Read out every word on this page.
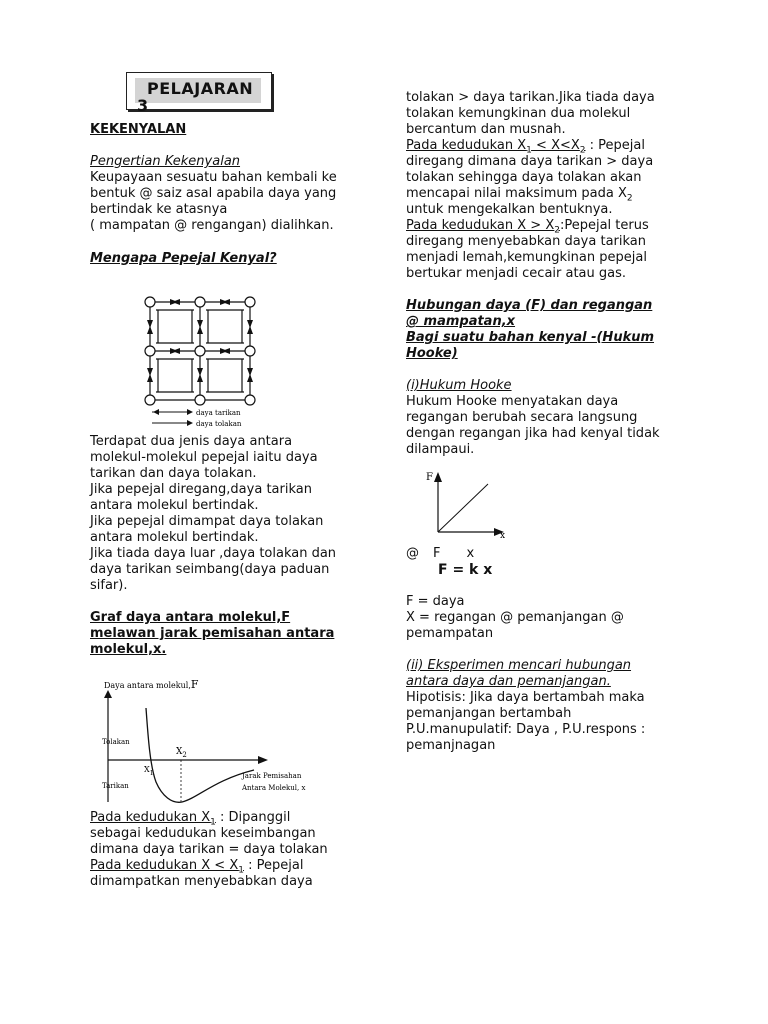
PELAJARAN
3
KEKENYALAN
Pengertian Kekenyalan
Keupayaan sesuatu bahan kembali ke
bentuk @ saiz asal apabila daya yang
bertindak ke atasnya
( mampatan @ rengangan) dialihkan.
Mengapa Pepejal Kenyal?
daya tarikan
daya tolakan
Terdapat dua jenis daya antara
molekul-molekul pepejal iaitu daya
tarikan dan daya tolakan.
Jika pepejal diregang,daya tarikan
antara molekul bertindak.
Jika pepejal dimampat daya tolakan
antara molekul bertindak.
Jika tiada daya luar ,daya tolakan dan
daya tarikan seimbang(daya paduan
sifar).
Graf daya antara molekul,F
melawan jarak pemisahan antara
molekul,x.
Daya antara molekul,F
Tolakan
Tarikan
$X_2$
$X_1$	Jarak Pemisahan
Antara Molekul, x
Pada kedudukan $X_1$ : Dipanggil
sebagai kedudukan keseimbangan
dimana daya tarikan = daya tolakan
Pada kedudukan $X < X_1$ : Pepejal
dimampatkan menyebabkan daya
tolakan > daya tarikan.Jika tiada daya
tolakan kemungkinan dua molekul
bercantum dan musnah.
Pada kedudukan $X_1 < X<X_2$ : Pepejal
diregang dimana daya tarikan > daya
tolakan sehingga daya tolakan akan
mencapai nilai maksimum pada $X_2$
untuk mengekalkan bentuknya.
Pada kedudukan $X > X_2:Pepejal$ terus
diregang menyebabkan daya tarikan
menjadi lemah,kemungkinan pepejal
bertukar menjadi cecair atau gas.
Hubungan daya (F) dan regangan
@ mampatan,x
Bagi suatu bahan kenyal -(Hukum
Hooke)
(i)Hukum Hooke
Hukum Hooke menyatakan daya
regangan berubah secara langsung
dengan regangan jika had kenyal tidak
dilampaui.
F
x
@ F x
F = k x
F = daya
X = regangan @ pemanjangan @
pemampatan
(ii) Eksperimen mencari hubungan
antara daya dan pemanjangan.
Hipotisis: Jika daya bertambah maka
pemanjangan bertambah
P.U.manupulatif: Daya , P.U.respons :
pemanjnagan
